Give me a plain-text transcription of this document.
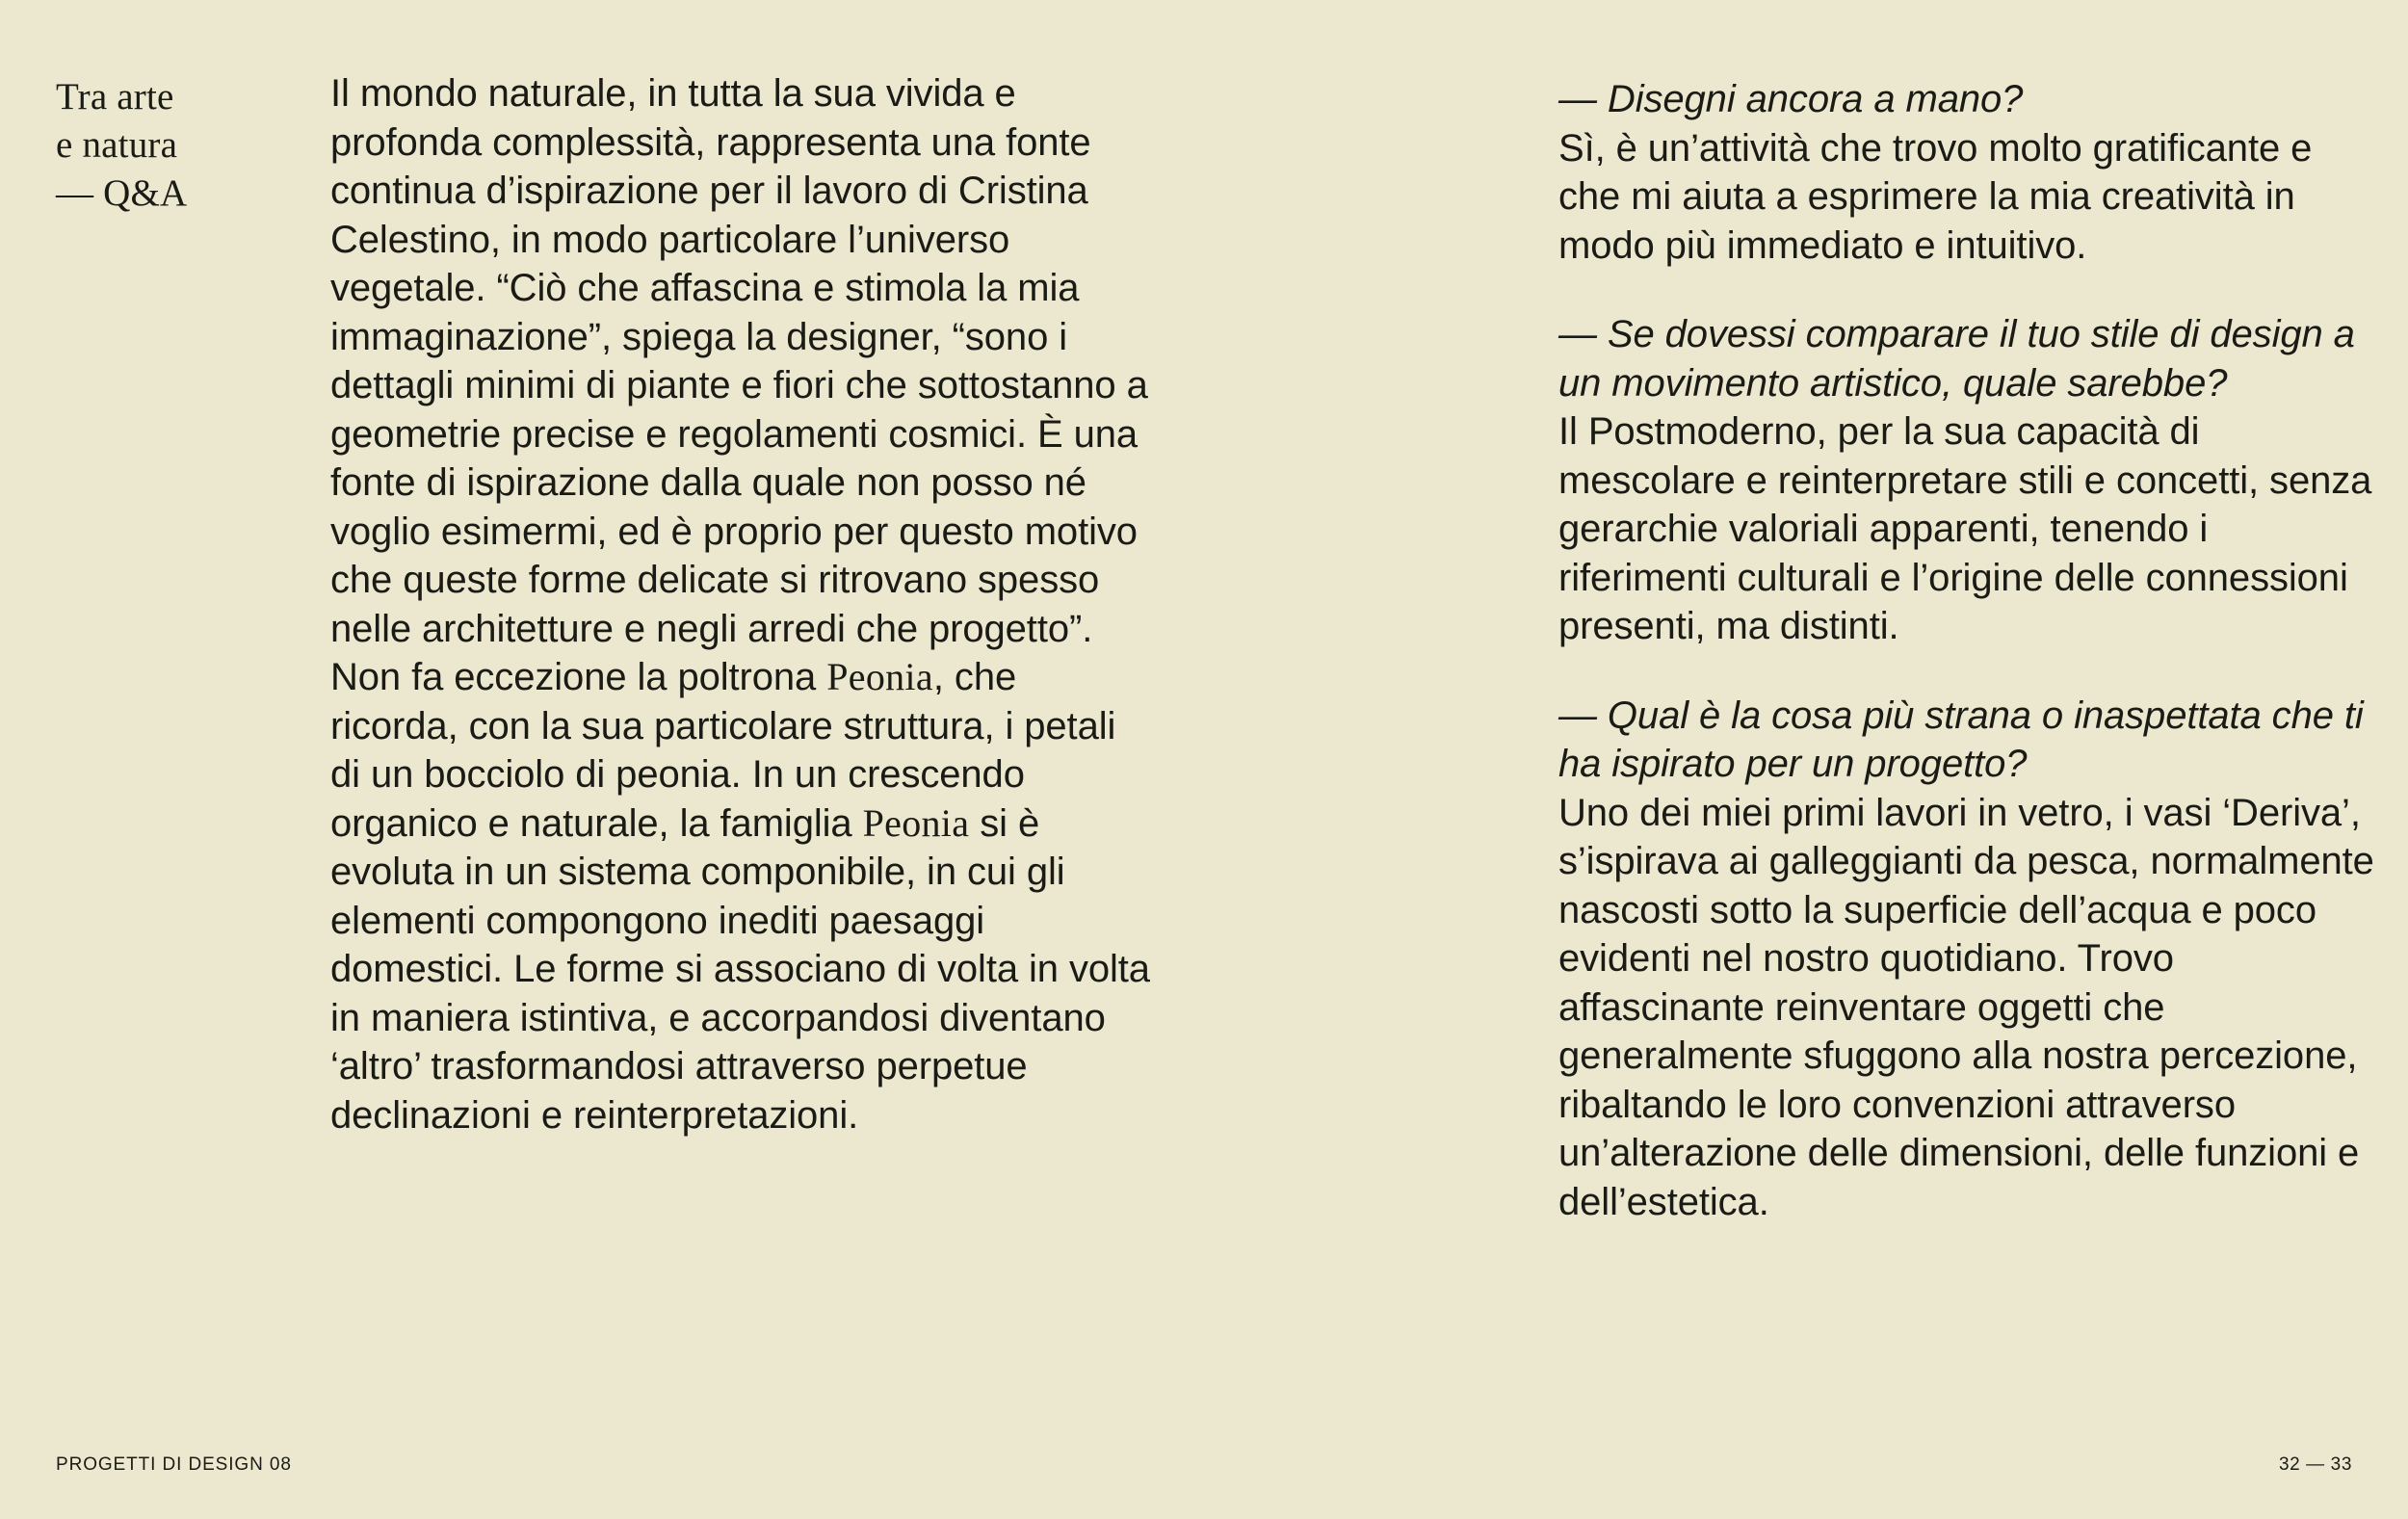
Tra arte
e natura
— Q&A

Il mondo naturale, in tutta la sua vivida e profonda complessità, rappresenta una fonte continua d’ispirazione per il lavoro di Cristina Celestino, in modo particolare l’universo vegetale. “Ciò che affascina e stimola la mia immaginazione”, spiega la designer, “sono i dettagli minimi di piante e fiori che sottostanno a geometrie precise e regolamenti cosmici. È una fonte di ispirazione dalla quale non posso né voglio esimermi, ed è proprio per questo motivo che queste forme delicate si ritrovano spesso nelle architetture e negli arredi che progetto”. Non fa eccezione la poltrona Peonia, che ricorda, con la sua particolare struttura, i petali di un bocciolo di peonia. In un crescendo organico e naturale, la famiglia Peonia si è evoluta in un sistema componibile, in cui gli elementi compongono inediti paesaggi domestici. Le forme si associano di volta in volta in maniera istintiva, e accorpandosi diventano ‘altro’ trasformandosi attraverso perpetue declinazioni e reinterpretazioni.

— Disegni ancora a mano?

Sì, è un’attività che trovo molto gratificante e che mi aiuta a esprimere la mia creatività in modo più immediato e intuitivo.

— Se dovessi comparare il tuo stile di design a un movimento artistico, quale sarebbe?

Il Postmoderno, per la sua capacità di mescolare e reinterpretare stili e concetti, senza gerarchie valoriali apparenti, tenendo i riferimenti culturali e l’origine delle connessioni presenti, ma distinti.

— Qual è la cosa più strana o inaspettata che ti ha ispirato per un progetto?

Uno dei miei primi lavori in vetro, i vasi ‘Deriva’, s’ispirava ai galleggianti da pesca, normalmente nascosti sotto la superficie dell’acqua e poco evidenti nel nostro quotidiano. Trovo affascinante reinventare oggetti che generalmente sfuggono alla nostra percezione, ribaltando le loro convenzioni attraverso un’alterazione delle dimensioni, delle funzioni e dell’estetica.

PROGETTI DI DESIGN 08	32 — 33
